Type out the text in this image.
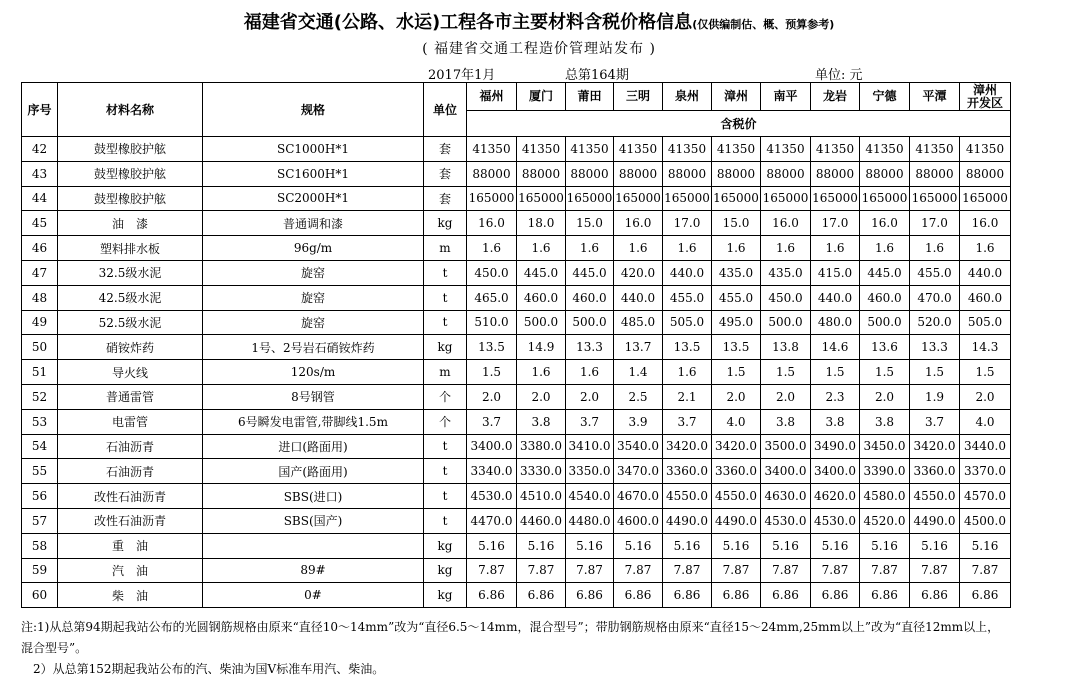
福建省交通(公路、水运)工程各市主要材料含税价格信息(仅供编制估、概、预算参考)
( 福建省交通工程造价管理站发布 )
2017年1月	总第164期	单位: 元
序号	材料名称	规格	单位	福州	厦门	莆田	三明	泉州	漳州	南平	龙岩	宁德	平潭	漳州
开发区
				含税价										
42	鼓型橡胶护舷	SC1000H*1	套	41350	41350	41350	41350	41350	41350	41350	41350	41350	41350	41350
43	鼓型橡胶护舷	SC1600H*1	套	88000	88000	88000	88000	88000	88000	88000	88000	88000	88000	88000
44	鼓型橡胶护舷	SC2000H*1	套	165000	165000	165000	165000	165000	165000	165000	165000	165000	165000	165000
45	油　漆	普通调和漆	kg	16.0	18.0	15.0	16.0	17.0	15.0	16.0	17.0	16.0	17.0	16.0
46	塑料排水板	96g/m	m	1.6	1.6	1.6	1.6	1.6	1.6	1.6	1.6	1.6	1.6	1.6
47	32.5级水泥	旋窑	t	450.0	445.0	445.0	420.0	440.0	435.0	435.0	415.0	445.0	455.0	440.0
48	42.5级水泥	旋窑	t	465.0	460.0	460.0	440.0	455.0	455.0	450.0	440.0	460.0	470.0	460.0
49	52.5级水泥	旋窑	t	510.0	500.0	500.0	485.0	505.0	495.0	500.0	480.0	500.0	520.0	505.0
50	硝铵炸药	1号、2号岩石硝铵炸药	kg	13.5	14.9	13.3	13.7	13.5	13.5	13.8	14.6	13.6	13.3	14.3
51	导火线	120s/m	m	1.5	1.6	1.6	1.4	1.6	1.5	1.5	1.5	1.5	1.5	1.5
52	普通雷管	8号钢管	个	2.0	2.0	2.0	2.5	2.1	2.0	2.0	2.3	2.0	1.9	2.0
53	电雷管	6号瞬发电雷管,带脚线1.5m	个	3.7	3.8	3.7	3.9	3.7	4.0	3.8	3.8	3.8	3.7	4.0
54	石油沥青	进口(路面用)	t	3400.0	3380.0	3410.0	3540.0	3420.0	3420.0	3500.0	3490.0	3450.0	3420.0	3440.0
55	石油沥青	国产(路面用)	t	3340.0	3330.0	3350.0	3470.0	3360.0	3360.0	3400.0	3400.0	3390.0	3360.0	3370.0
56	改性石油沥青	SBS(进口)	t	4530.0	4510.0	4540.0	4670.0	4550.0	4550.0	4630.0	4620.0	4580.0	4550.0	4570.0
57	改性石油沥青	SBS(国产)	t	4470.0	4460.0	4480.0	4600.0	4490.0	4490.0	4530.0	4530.0	4520.0	4490.0	4500.0
58	重　油		kg	5.16	5.16	5.16	5.16	5.16	5.16	5.16	5.16	5.16	5.16	5.16
59	汽　油	89#	kg	7.87	7.87	7.87	7.87	7.87	7.87	7.87	7.87	7.87	7.87	7.87
60	柴　油	0#	kg	6.86	6.86	6.86	6.86	6.86	6.86	6.86	6.86	6.86	6.86	6.86
注:1)从总第94期起我站公布的光圆钢筋规格由原来“直径10～14mm”改为“直径6.5～14mm，混合型号”；带肋钢筋规格由原来“直径15～24mm,25mm以上”改为“直径12mm以上，
混合型号”。
　2）从总第152期起我站公布的汽、柴油为国Ⅴ标准车用汽、柴油。
